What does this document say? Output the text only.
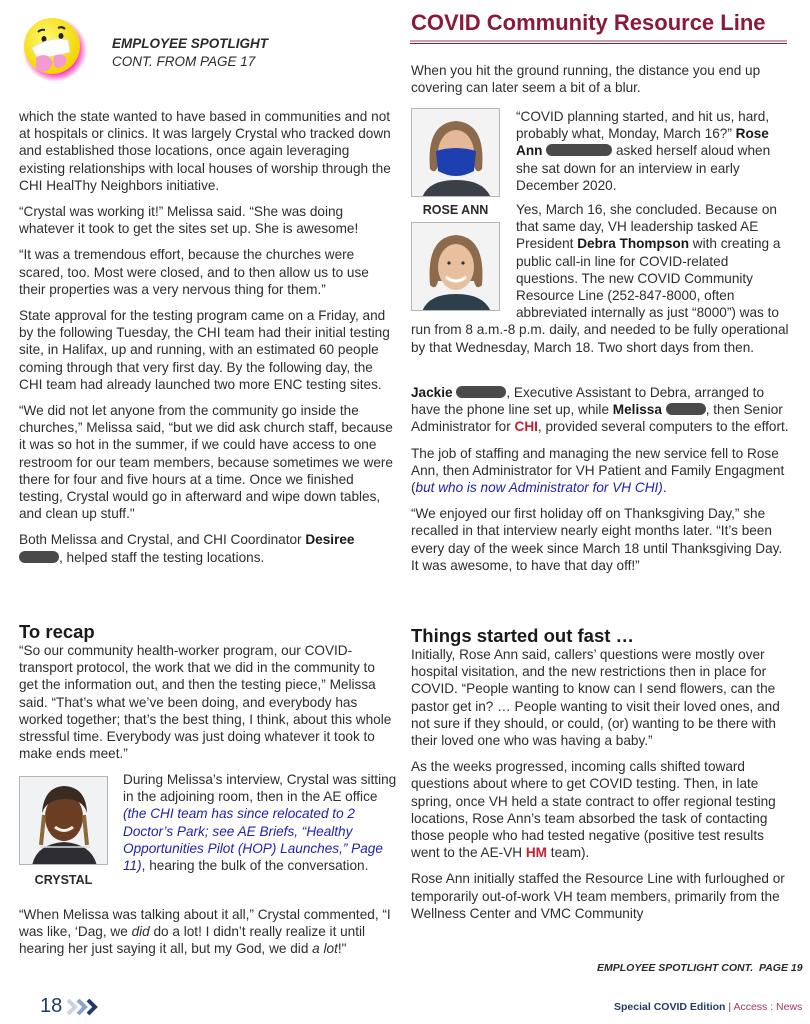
EMPLOYEE SPOTLIGHT
CONT. FROM PAGE 17
COVID Community Resource Line

which the state wanted to have based in communities and not at hospitals or clinics. It was largely Crystal who tracked down and established those locations, once again leveraging existing relationships with local houses of worship through the CHI HealThy Neighbors initiative.

“Crystal was working it!” Melissa said. “She was doing whatever it took to get the sites set up. She is awesome!

“It was a tremendous effort, because the churches were scared, too. Most were closed, and to then allow us to use their properties was a very nervous thing for them.”

State approval for the testing program came on a Friday, and by the following Tuesday, the CHI team had their initial testing site, in Halifax, up and running, with an estimated 60 people coming through that very first day. By the following day, the CHI team had already launched two more ENC testing sites.

“We did not let anyone from the community go inside the churches,” Melissa said, “but we did ask church staff, because it was so hot in the summer, if we could have access to one restroom for our team members, because sometimes we were there for four and five hours at a time. Once we finished testing, Crystal would go in afterward and wipe down tables, and clean up stuff."

Both Melissa and Crystal, and CHI Coordinator Desiree
, helped staff the testing locations.

To recap

“So our community health-worker program, our COVID-transport protocol, the work that we did in the community to get the information out, and then the testing piece,” Melissa said. “That’s what we’ve been doing, and everybody has worked together; that’s the best thing, I think, about this whole stressful time. Everybody was just doing whatever it took to make ends meet.”

CRYSTAL

During Melissa’s interview, Crystal was sitting in the adjoining room, then in the AE office (the CHI team has since relocated to 2 Doctor’s Park; see AE Briefs, “Healthy Opportunities Pilot (HOP) Launches,” Page 11), hearing the bulk of the conversation.

“When Melissa was talking about it all,” Crystal commented, “I was like, ‘Dag, we did do a lot! I didn’t really realize it until hearing her just saying it all, but my God, we did a lot!"

When you hit the ground running, the distance you end up covering can later seem a bit of a blur.

ROSE ANN

“COVID planning started, and hit us, hard, probably what, Monday, March 16?” Rose Ann	asked herself aloud when she sat down for an interview in early December 2020.

Yes, March 16, she concluded. Because on that same day, VH leadership tasked AE President Debra Thompson with creating a public call-in line for COVID-related questions. The new COVID Community Resource Line (252-847-8000, often abbreviated internally as just “8000”) was to run from 8 a.m.-8 p.m. daily, and needed to be fully operational by that Wednesday, March 18. Two short days from then.

Jackie	, Executive Assistant to Debra, arranged to have the phone line set up, while Melissa	, then Senior Administrator for CHI, provided several computers to the effort.

The job of staffing and managing the new service fell to Rose Ann, then Administrator for VH Patient and Family Engagment (but who is now Administrator for VH CHI).

“We enjoyed our first holiday off on Thanksgiving Day,” she recalled in that interview nearly eight months later. “It’s been every day of the week since March 18 until Thanksgiving Day. It was awesome, to have that day off!”

Things started out fast …

Initially, Rose Ann said, callers’ questions were mostly over hospital visitation, and the new restrictions then in place for COVID. “People wanting to know can I send flowers, can the pastor get in? … People wanting to visit their loved ones, and not sure if they should, or could, (or) wanting to be there with their loved one who was having a baby.”

As the weeks progressed, incoming calls shifted toward questions about where to get COVID testing. Then, in late spring, once VH held a state contract to offer regional testing locations, Rose Ann’s team absorbed the task of contacting those people who had tested negative (positive test results went to the AE-VH HM team).

Rose Ann initially staffed the Resource Line with furloughed or temporarily out-of-work VH team members, primarily from the Wellness Center and VMC Community

EMPLOYEE SPOTLIGHT CONT.  PAGE 19
18	Special COVID Edition | Access : News
